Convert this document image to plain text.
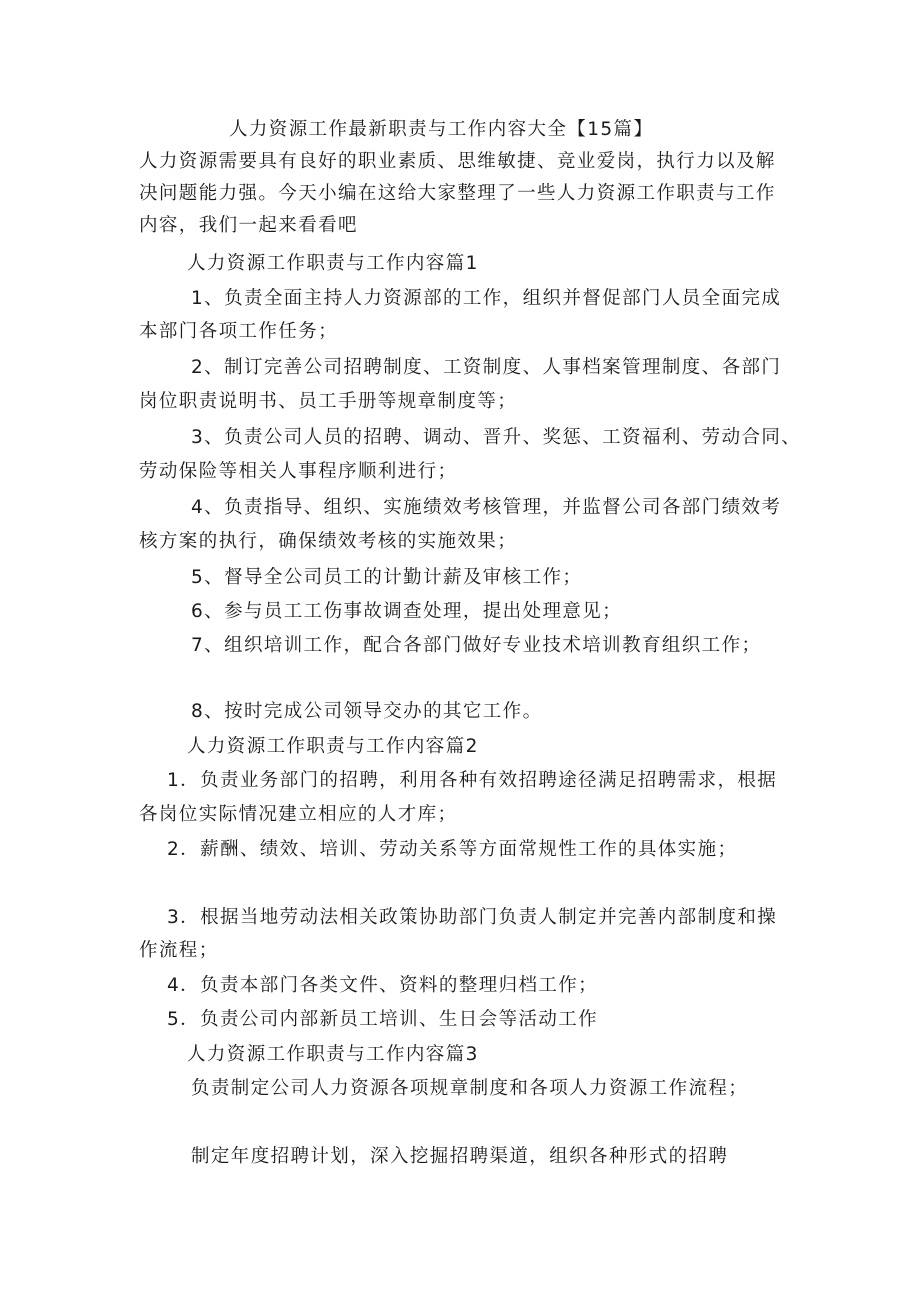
人力资源工作最新职责与工作内容大全【15篇】
人力资源需要具有良好的职业素质、思维敏捷、竞业爱岗，执行力以及解
决问题能力强。今天小编在这给大家整理了一些人力资源工作职责与工作
内容，我们一起来看看吧
人力资源工作职责与工作内容篇1
1、负责全面主持人力资源部的工作，组织并督促部门人员全面完成
本部门各项工作任务；
2、制订完善公司招聘制度、工资制度、人事档案管理制度、各部门
岗位职责说明书、员工手册等规章制度等；
3、负责公司人员的招聘、调动、晋升、奖惩、工资福利、劳动合同、
劳动保险等相关人事程序顺利进行；
4、负责指导、组织、实施绩效考核管理，并监督公司各部门绩效考
核方案的执行，确保绩效考核的实施效果；
5、督导全公司员工的计勤计薪及审核工作；
6、参与员工工伤事故调查处理，提出处理意见；
7、组织培训工作，配合各部门做好专业技术培训教育组织工作；
8、按时完成公司领导交办的其它工作。
人力资源工作职责与工作内容篇2
1．负责业务部门的招聘，利用各种有效招聘途径满足招聘需求，根据
各岗位实际情况建立相应的人才库；
2．薪酬、绩效、培训、劳动关系等方面常规性工作的具体实施；
3．根据当地劳动法相关政策协助部门负责人制定并完善内部制度和操
作流程；
4．负责本部门各类文件、资料的整理归档工作；
5．负责公司内部新员工培训、生日会等活动工作
人力资源工作职责与工作内容篇3
负责制定公司人力资源各项规章制度和各项人力资源工作流程；
制定年度招聘计划，深入挖掘招聘渠道，组织各种形式的招聘
